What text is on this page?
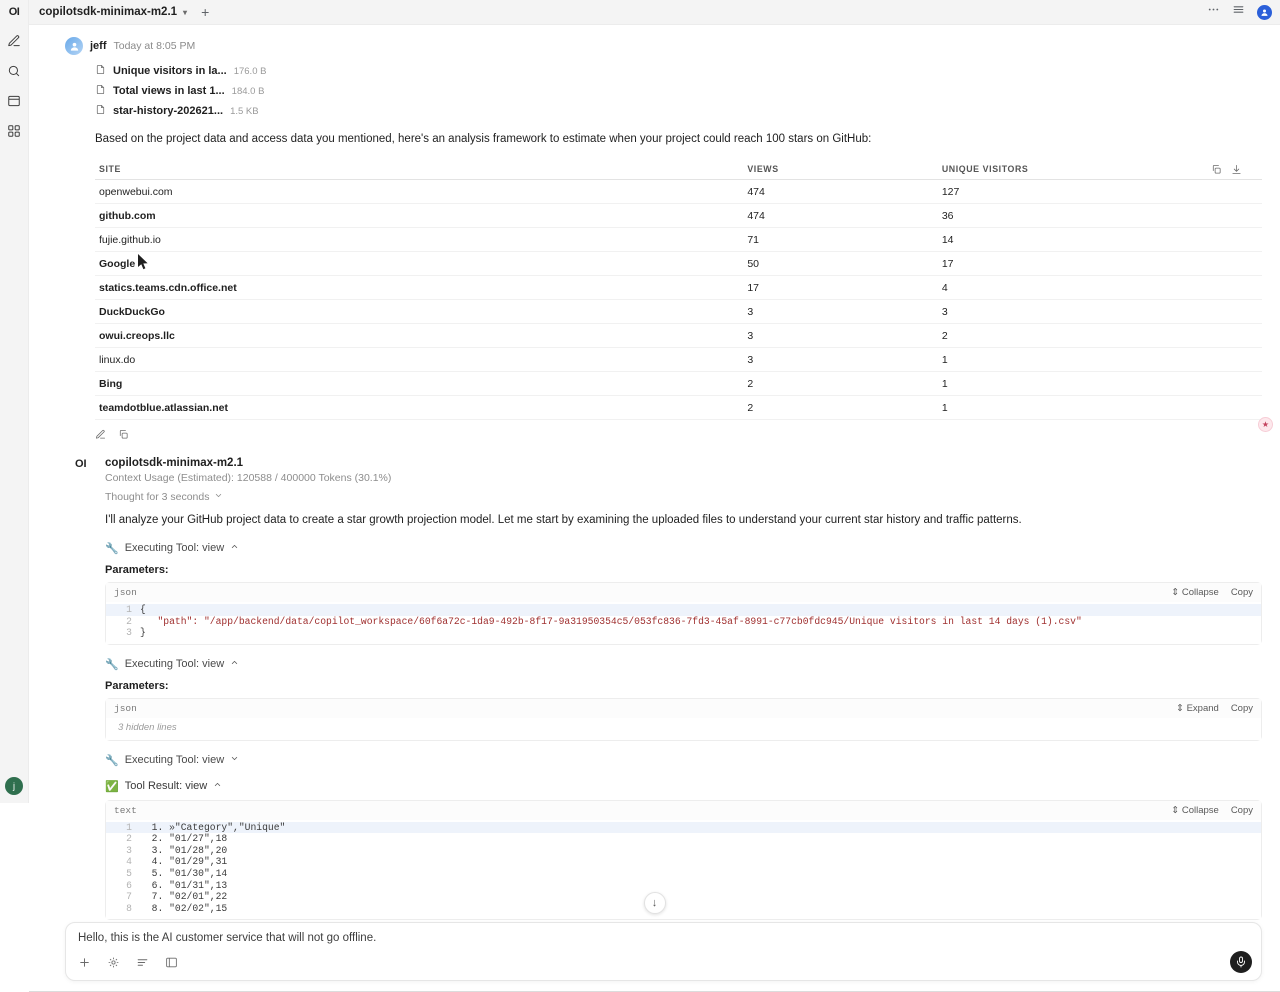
OI
j
copilotsdk-minimax-m2.1 ▾ +
jeff Today at 8:05 PM
Unique visitors in la... 176.0 B
Total views in last 1... 184.0 B
star-history-202621... 1.5 KB
Based on the project data and access data you mentioned, here's an analysis framework to estimate when your project could reach 100 stars on GitHub:
SITE	VIEWS	UNIQUE VISITORS
openwebui.com	474	127
github.com	474	36
fujie.github.io	71	14
Google	50	17
statics.teams.cdn.office.net	17	4
DuckDuckGo	3	3
owui.creops.llc	3	2
linux.do	3	1
Bing	2	1
teamdotblue.atlassian.net	2	1
OI	copilotsdk-minimax-m2.1
Context Usage (Estimated): 120588 / 400000 Tokens (30.1%)
Thought for 3 seconds
I'll analyze your GitHub project data to create a star growth projection model. Let me start by examining the uploaded files to understand your current star history and traffic patterns.
🔧 Executing Tool: view
Parameters:
json	⇕ Collapse Copy
1 {
2 "path": "/app/backend/data/copilot_workspace/60f6a72c-1da9-492b-8f17-9a31950354c5/053fc836-7fd3-45af-8991-c77cb0fdc945/Unique visitors in last 14 days (1).csv"
3 }
🔧 Executing Tool: view
Parameters:
json	⇕ Expand Copy
3 hidden lines
🔧 Executing Tool: view
✅ Tool Result: view
text	⇕ Collapse Copy
1 1. »"Category","Unique"
2 2. "01/27",18
3 3. "01/28",20
4 4. "01/29",31
5 5. "01/30",14
6 6. "01/31",13
7 7. "02/01",22
8 8. "02/02",15	↓
★
Hello, this is the AI customer service that will not go offline.
